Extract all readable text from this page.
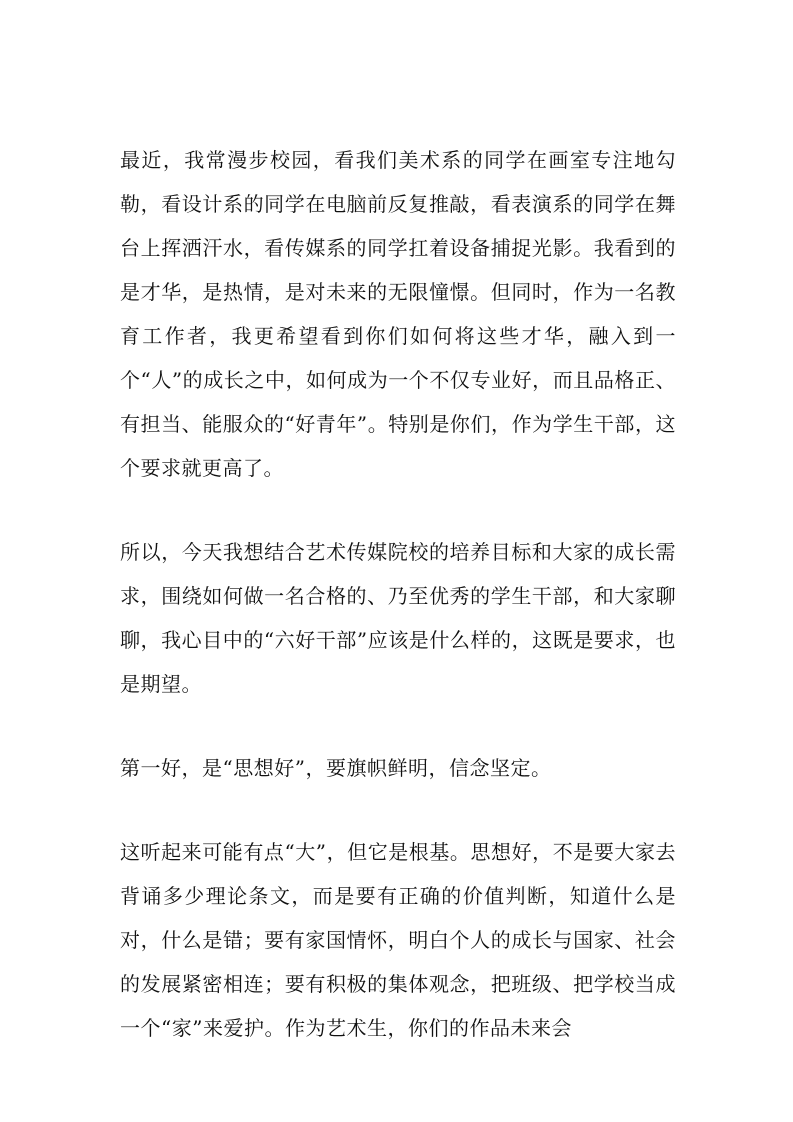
最近，我常漫步校园，看我们美术系的同学在画室专注地勾勒，看设计系的同学在电脑前反复推敲，看表演系的同学在舞台上挥洒汗水，看传媒系的同学扛着设备捕捉光影。我看到的是才华，是热情，是对未来的无限憧憬。但同时，作为一名教育工作者，我更希望看到你们如何将这些才华，融入到一个“人”的成长之中，如何成为一个不仅专业好，而且品格正、有担当、能服众的“好青年”。特别是你们，作为学生干部，这个要求就更高了。

所以，今天我想结合艺术传媒院校的培养目标和大家的成长需求，围绕如何做一名合格的、乃至优秀的学生干部，和大家聊聊，我心目中的“六好干部”应该是什么样的，这既是要求，也是期望。

第一好，是“思想好”，要旗帜鲜明，信念坚定。

这听起来可能有点“大”，但它是根基。思想好，不是要大家去背诵多少理论条文，而是要有正确的价值判断，知道什么是对，什么是错；要有家国情怀，明白个人的成长与国家、社会的发展紧密相连；要有积极的集体观念，把班级、把学校当成一个“家”来爱护。作为艺术生，你们的作品未来会
